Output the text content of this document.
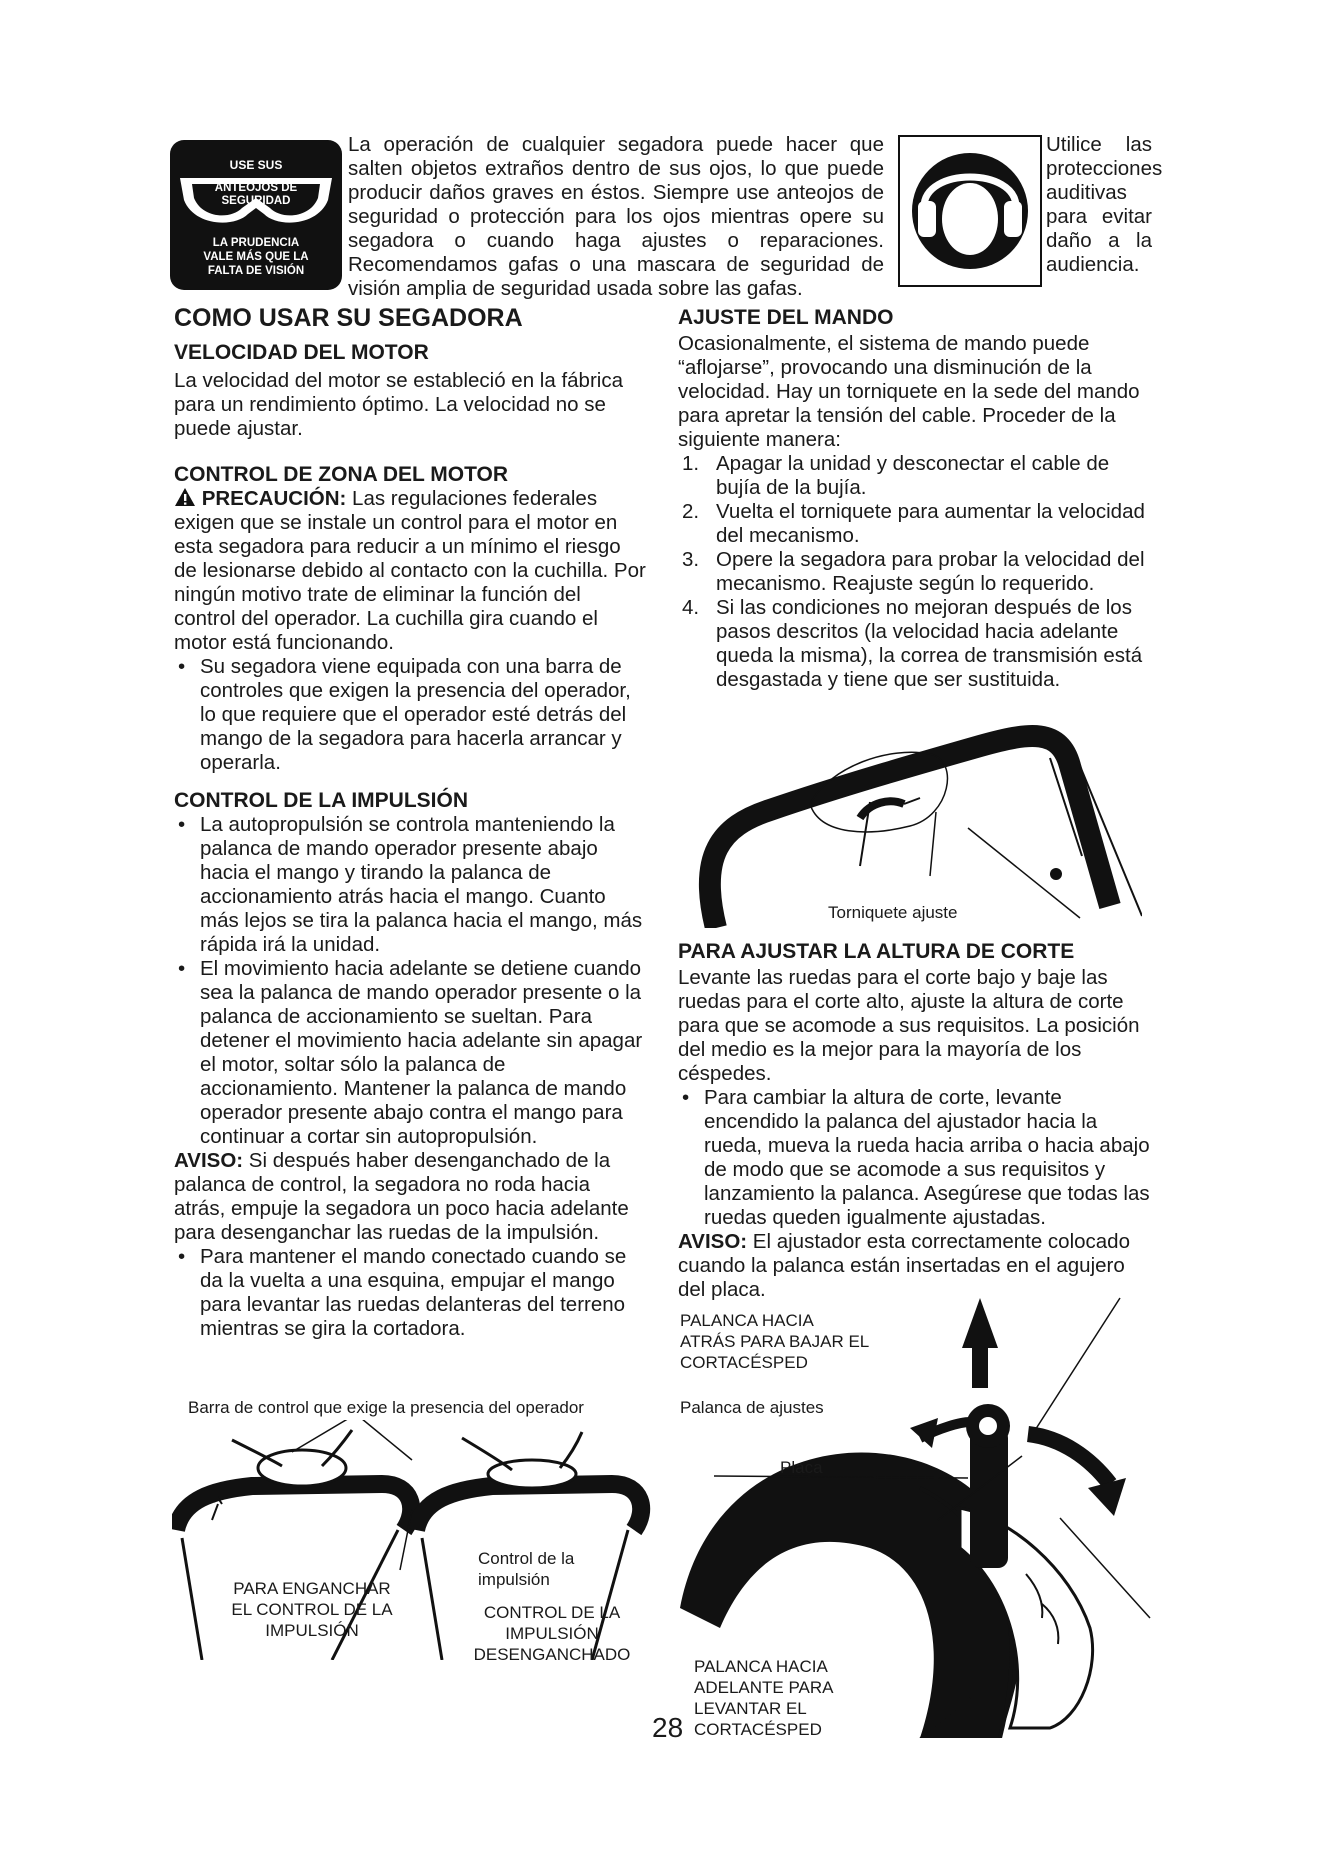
USE SUS
ANTEOJOS DE
SEGURIDAD
LA PRUDENCIA
VALE MÁS QUE LA
FALTA DE VISIÓN
La operación de cualquier segadora puede hacer que salten objetos extraños dentro de sus ojos, lo que puede producir daños graves en éstos. Siempre use anteojos de seguridad o protección para los ojos mientras opere su segadora o cuando haga ajustes o reparaciones. Recomendamos gafas o una mascara de seguridad de visión amplia de seguridad usada sobre las gafas.
Utilice las protecciones auditivas para evitar daño a la audiencia.
COMO USAR SU SEGADORA
VELOCIDAD DEL MOTOR
La velocidad del motor se estableció en la fábrica para un rendimiento óptimo. La velocidad no se puede ajustar.
CONTROL DE ZONA DEL MOTOR
PRECAUCIÓN: Las regulaciones federales exigen que se instale un control para el motor en esta segadora para reducir a un mínimo el riesgo de lesionarse debido al contacto con la cuchilla. Por ningún motivo trate de eliminar la función del control del operador. La cuchilla gira cuando el motor está funcionando.
• Su segadora viene equipada con una barra de controles que exigen la presencia del operador, lo que requiere que el operador esté detrás del mango de la segadora para hacerla arrancar y operarla.
CONTROL DE LA IMPULSIÓN
• La autopropulsión se controla manteniendo la palanca de mando operador presente abajo hacia el mango y tirando la palanca de accionamiento atrás hacia el mango. Cuanto más lejos se tira la palanca hacia el mango, más rápida irá la unidad.
• El movimiento hacia adelante se detiene cuando sea la palanca de mando operador presente o la palanca de accionamiento se sueltan. Para detener el movimiento hacia adelante sin apagar el motor, soltar sólo la palanca de accionamiento. Mantener la palanca de mando operador presente abajo contra el mango para continuar a cortar sin autopropulsión.
AVISO: Si después haber desenganchado de la palanca de control, la segadora no roda hacia atrás, empuje la segadora un poco hacia adelante para desenganchar las ruedas de la impulsión.
• Para mantener el mando conectado cuando se da la vuelta a una esquina, empujar el mango para levantar las ruedas delanteras del terreno mientras se gira la cortadora.
Barra de control que exige la presencia del operador
Control de la impulsión
PARA ENGANCHAR EL CONTROL DE LA IMPULSIÓN
CONTROL DE LA IMPULSIÓN DESENGANCHADO
AJUSTE DEL MANDO
Ocasionalmente, el sistema de mando puede “aflojarse”, provocando una disminución de la velocidad. Hay un torniquete en la sede del mando para apretar la tensión del cable. Proceder de la siguiente manera:
1. Apagar la unidad y desconectar el cable de bujía de la bujía.
2. Vuelta el torniquete para aumentar la velocidad del mecanismo.
3. Opere la segadora para probar la velocidad del mecanismo. Reajuste según lo requerido.
4. Si las condiciones no mejoran después de los pasos descritos (la velocidad hacia adelante queda la misma), la correa de transmisión está desgastada y tiene que ser sustituida.
Torniquete ajuste
PARA AJUSTAR LA ALTURA DE CORTE
Levante las ruedas para el corte bajo y baje las ruedas para el corte alto, ajuste la altura de corte para que se acomode a sus requisitos. La posición del medio es la mejor para la mayoría de los céspedes.
• Para cambiar la altura de corte, levante encendido la palanca del ajustador hacia la rueda, mueva la rueda hacia arriba o hacia abajo de modo que se acomode a sus requisitos y lanzamiento la palanca. Asegúrese que todas las ruedas queden igualmente ajustadas.
AVISO: El ajustador esta correctamente colocado cuando la palanca están insertadas en el agujero del placa.
PALANCA HACIA ATRÁS PARA BAJAR EL CORTACÉSPED
Palanca de ajustes
Placa
PALANCA HACIA ADELANTE PARA LEVANTAR EL CORTACÉSPED
28
